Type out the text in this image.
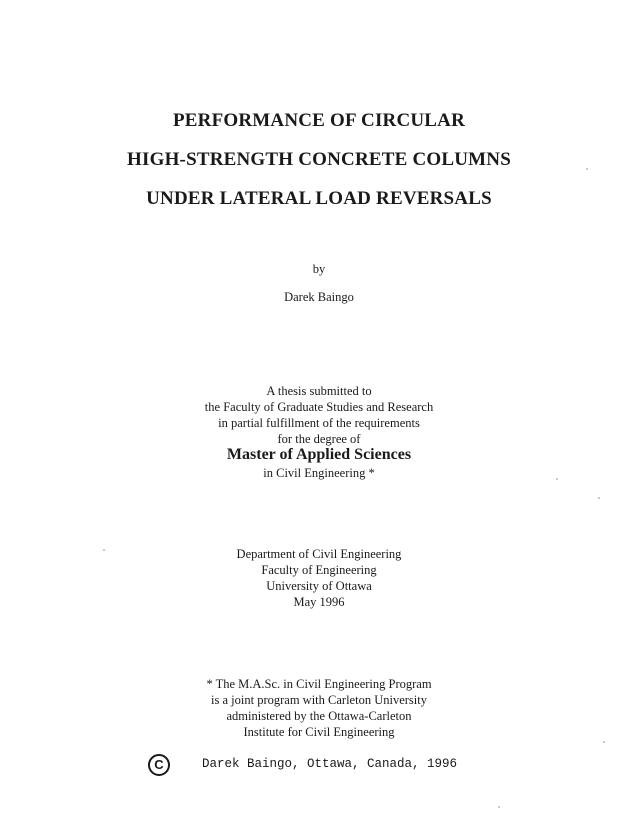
PERFORMANCE OF CIRCULAR
HIGH-STRENGTH CONCRETE COLUMNS
UNDER LATERAL LOAD REVERSALS
by
Darek Baingo
A thesis submitted to
the Faculty of Graduate Studies and Research
in partial fulfillment of the requirements
for the degree of
Master of Applied Sciences
in Civil Engineering *
Department of Civil Engineering
Faculty of Engineering
University of Ottawa
May 1996
* The M.A.Sc. in Civil Engineering Program
is a joint program with Carleton University
administered by the Ottawa-Carleton
Institute for Civil Engineering
C	Darek Baingo, Ottawa, Canada, 1996
